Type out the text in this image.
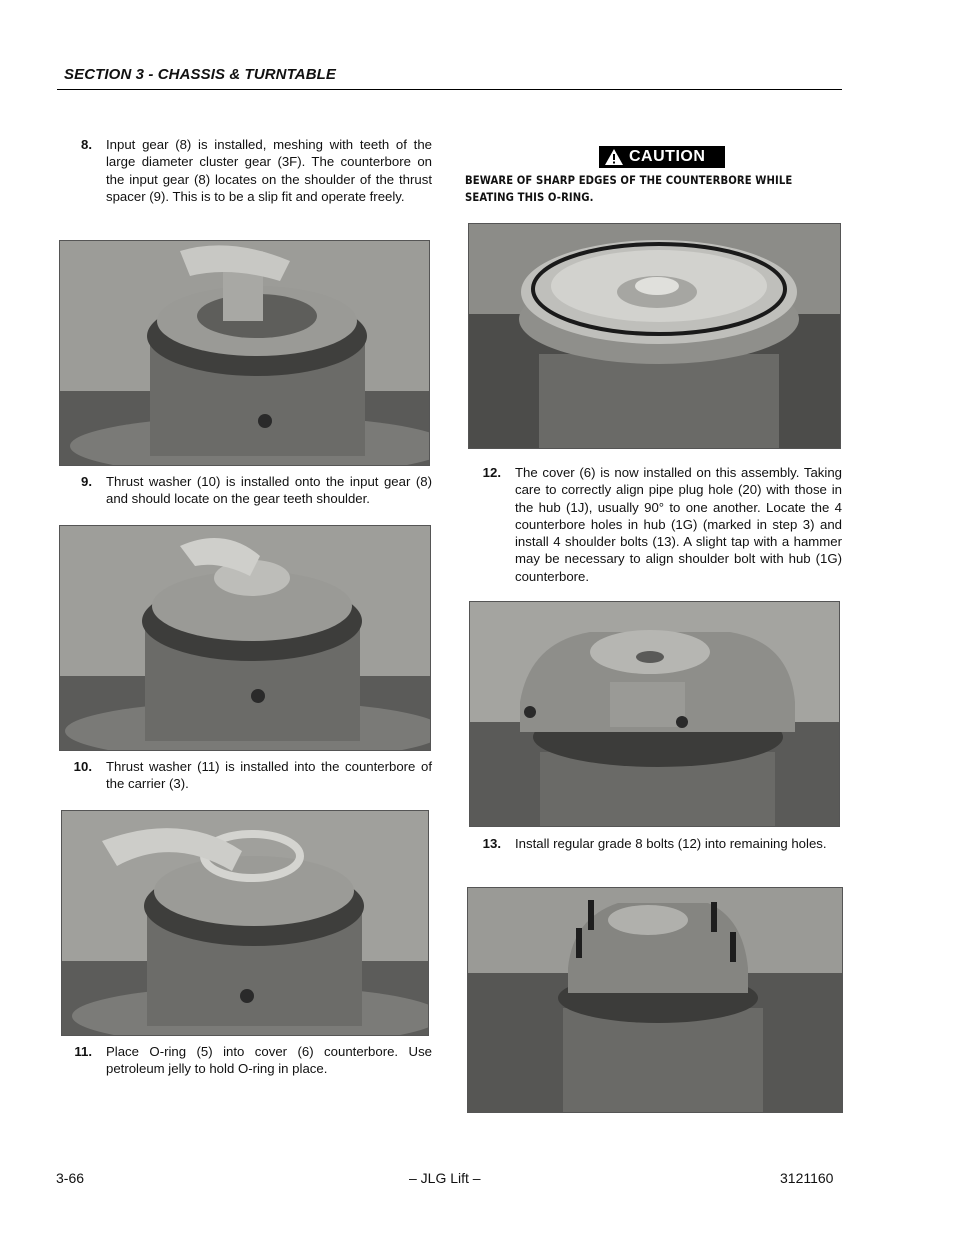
SECTION 3 - CHASSIS & TURNTABLE
8. Input gear (8) is installed, meshing with teeth of the large diameter cluster gear (3F). The counterbore on the input gear (8) locates on the shoulder of the thrust spacer (9). This is to be a slip fit and operate freely.
9. Thrust washer (10) is installed onto the input gear (8) and should locate on the gear teeth shoulder.
10. Thrust washer (11) is installed into the counterbore of the carrier (3).
11. Place O-ring (5) into cover (6) counterbore. Use petroleum jelly to hold O-ring in place.
CAUTION
BEWARE OF SHARP EDGES OF THE COUNTERBORE WHILE SEATING THIS O-RING.
12. The cover (6) is now installed on this assembly. Taking care to correctly align pipe plug hole (20) with those in the hub (1J), usually 90° to one another. Locate the 4 counterbore holes in hub (1G) (marked in step 3) and install 4 shoulder bolts (13). A slight tap with a hammer may be necessary to align shoulder bolt with hub (1G) counterbore.
13. Install regular grade 8 bolts (12) into remaining holes.
3-66	– JLG Lift –	3121160
